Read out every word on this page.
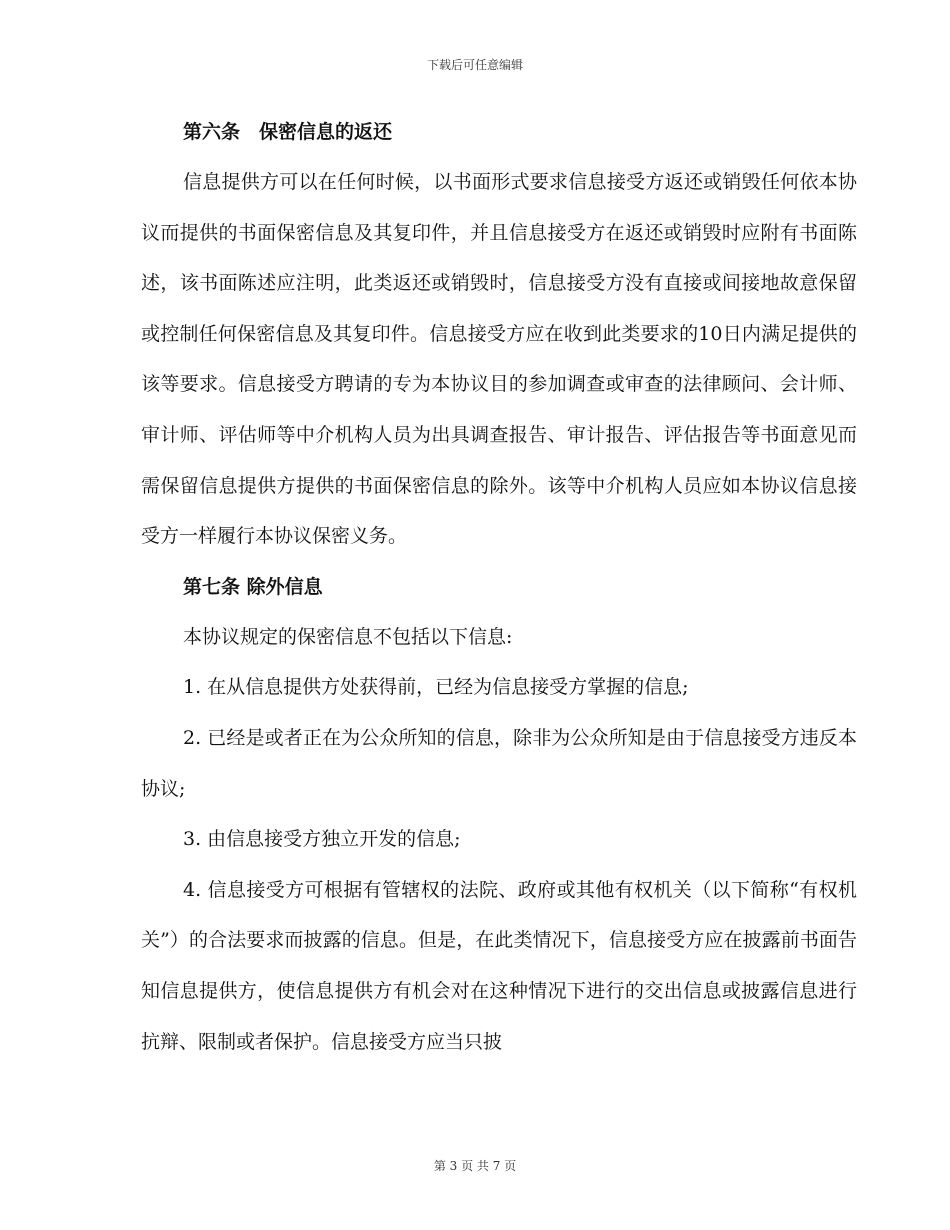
下载后可任意编辑

第六条　保密信息的返还

信息提供方可以在任何时候，以书面形式要求信息接受方返还或销毁任何依本协议而提供的书面保密信息及其复印件，并且信息接受方在返还或销毁时应附有书面陈述，该书面陈述应注明，此类返还或销毁时，信息接受方没有直接或间接地故意保留或控制任何保密信息及其复印件。信息接受方应在收到此类要求的10日内满足提供的该等要求。信息接受方聘请的专为本协议目的参加调查或审查的法律顾问、会计师、审计师、评估师等中介机构人员为出具调查报告、审计报告、评估报告等书面意见而需保留信息提供方提供的书面保密信息的除外。该等中介机构人员应如本协议信息接受方一样履行本协议保密义务。

第七条 除外信息

本协议规定的保密信息不包括以下信息:

1. 在从信息提供方处获得前，已经为信息接受方掌握的信息;

2. 已经是或者正在为公众所知的信息，除非为公众所知是由于信息接受方违反本协议;

3. 由信息接受方独立开发的信息;

4. 信息接受方可根据有管辖权的法院、政府或其他有权机关（以下简称“有权机关”）的合法要求而披露的信息。但是，在此类情况下，信息接受方应在披露前书面告知信息提供方，使信息提供方有机会对在这种情况下进行的交出信息或披露信息进行抗辩、限制或者保护。信息接受方应当只披

第 3 页 共 7 页
